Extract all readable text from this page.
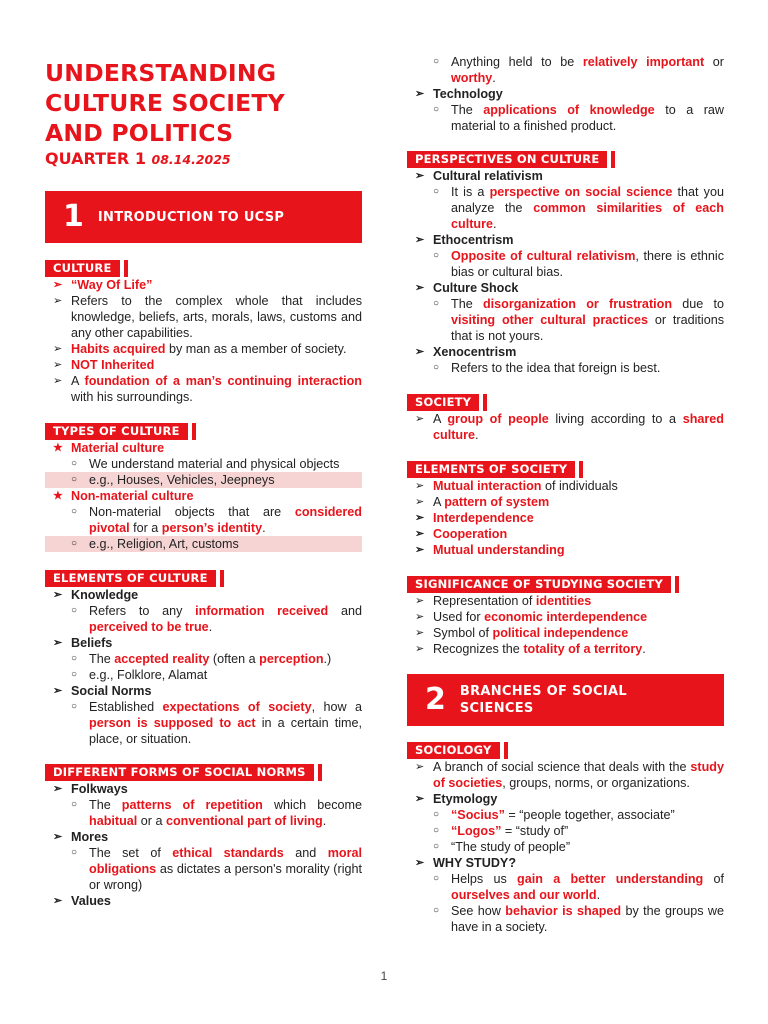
UNDERSTANDING
CULTURE SOCIETY
AND POLITICS
QUARTER 1 08.14.2025
1	INTRODUCTION TO UCSP
CULTURE
➢ “Way Of Life”
➢ Refers to the complex whole that includes knowledge, beliefs, arts, morals, laws, customs and any other capabilities.
➢ Habits acquired by man as a member of society.
➢ NOT Inherited
➢ A foundation of a man’s continuing interaction with his surroundings.
TYPES OF CULTURE
★ Material culture
○ We understand material and physical objects
○ e.g., Houses, Vehicles, Jeepneys
★ Non-material culture
○ Non-material objects that are considered pivotal for a person’s identity.
○ e.g., Religion, Art, customs
ELEMENTS OF CULTURE
➢ Knowledge
○ Refers to any information received and perceived to be true.
➢ Beliefs
○ The accepted reality (often a perception.)
○ e.g., Folklore, Alamat
➢ Social Norms
○ Established expectations of society, how a person is supposed to act in a certain time, place, or situation.
DIFFERENT FORMS OF SOCIAL NORMS
➢ Folkways
○ The patterns of repetition which become habitual or a conventional part of living.
➢ Mores
○ The set of ethical standards and moral obligations as dictates a person's morality (right or wrong)
➢ Values
○ Anything held to be relatively important or worthy.
➢ Technology
○ The applications of knowledge to a raw material to a finished product.
PERSPECTIVES ON CULTURE
➢ Cultural relativism
○ It is a perspective on social science that you analyze the common similarities of each culture.
➢ Ethocentrism
○ Opposite of cultural relativism, there is ethnic bias or cultural bias.
➢ Culture Shock
○ The disorganization or frustration due to visiting other cultural practices or traditions that is not yours.
➢ Xenocentrism
○ Refers to the idea that foreign is best.
SOCIETY
➢ A group of people living according to a shared culture.
ELEMENTS OF SOCIETY
➢ Mutual interaction of individuals
➢ A pattern of system
➢ Interdependence
➢ Cooperation
➢ Mutual understanding
SIGNIFICANCE OF STUDYING SOCIETY
➢ Representation of identities
➢ Used for economic interdependence
➢ Symbol of political independence
➢ Recognizes the totality of a territory.
2	BRANCHES OF SOCIAL SCIENCES
SOCIOLOGY
➢ A branch of social science that deals with the study of societies, groups, norms, or organizations.
➢ Etymology
○ “Socius” = “people together, associate”
○ “Logos” = “study of”
○ “The study of people”
➢ WHY STUDY?
○ Helps us gain a better understanding of ourselves and our world.
○ See how behavior is shaped by the groups we have in a society.
1
